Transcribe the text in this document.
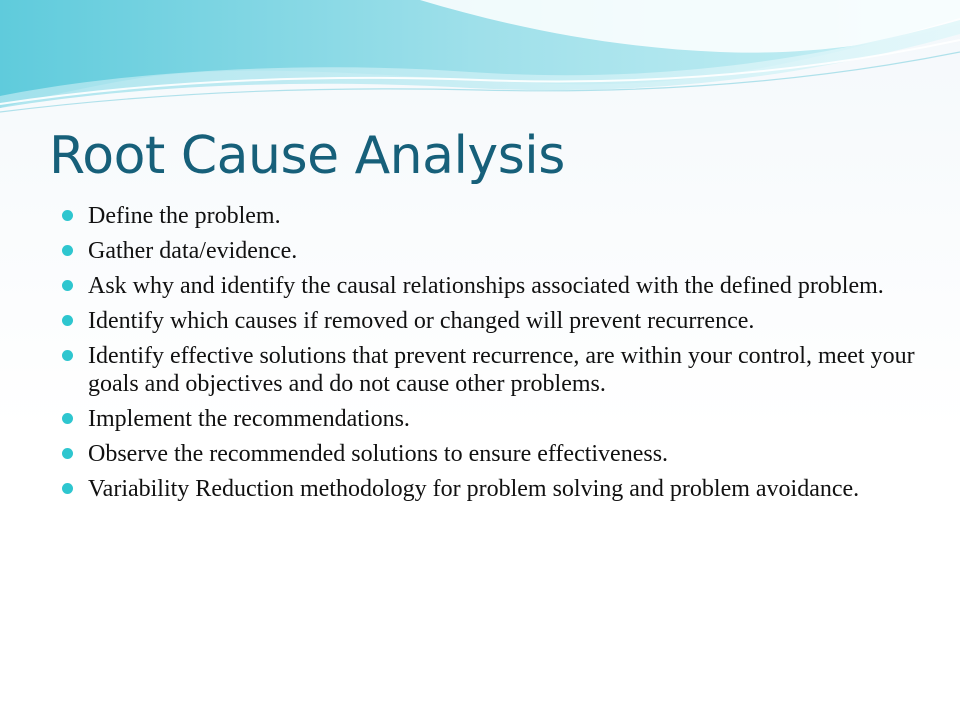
Root Cause Analysis
Define the problem.
Gather data/evidence.
Ask why and identify the causal relationships associated with the defined problem.
Identify which causes if removed or changed will prevent recurrence.
Identify effective solutions that prevent recurrence, are within your control, meet your goals and objectives and do not cause other problems.
Implement the recommendations.
Observe the recommended solutions to ensure effectiveness.
Variability Reduction methodology for problem solving and problem avoidance.
